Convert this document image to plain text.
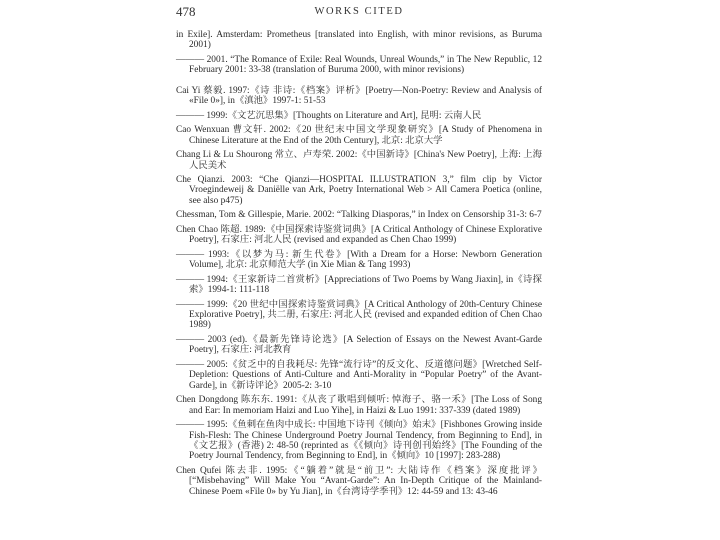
478	WORKS CITED

in Exile]. Amsterdam: Prometheus [translated into English, with minor revisions, as Buruma 2001)

——— 2001. “The Romance of Exile: Real Wounds, Unreal Wounds,” in The New Republic, 12 February 2001: 33-38 (translation of Buruma 2000, with minor revisions)

Cai Yi 蔡毅. 1997:《诗 非诗:《档案》评析》[Poetry—Non-Poetry: Review and Analysis of «File 0»], in《滇池》1997-1: 51-53

——— 1999:《文艺沉思集》[Thoughts on Literature and Art], 昆明: 云南人民

Cao Wenxuan 曹文轩. 2002:《20 世纪末中国文学现象研究》[A Study of Phenomena in Chinese Literature at the End of the 20th Century], 北京: 北京大学

Chang Li & Lu Shourong 常立、卢寿荣. 2002:《中国新诗》[China's New Poetry], 上海: 上海人民美术

Che Qianzi. 2003: “Che Qianzi—HOSPITAL ILLUSTRATION 3,” film clip by Victor Vroegindeweij & Daniëlle van Ark, Poetry International Web > All Camera Poetica (online, see also p475)

Chessman, Tom & Gillespie, Marie. 2002: “Talking Diasporas,” in Index on Censorship 31-3: 6-7

Chen Chao 陈超. 1989:《中国探索诗鉴赏词典》[A Critical Anthology of Chinese Explorative Poetry], 石家庄: 河北人民 (revised and expanded as Chen Chao 1999)

——— 1993:《以梦为马: 新生代卷》[With a Dream for a Horse: Newborn Generation Volume], 北京: 北京师范大学 (in Xie Mian & Tang 1993)

——— 1994:《王家新诗二首赏析》[Appreciations of Two Poems by Wang Jiaxin], in《诗探索》1994-1: 111-118

——— 1999:《20 世纪中国探索诗鉴赏词典》[A Critical Anthology of 20th-Century Chinese Explorative Poetry], 共二册, 石家庄: 河北人民 (revised and expanded edition of Chen Chao 1989)

——— 2003 (ed).《最新先锋诗论选》[A Selection of Essays on the Newest Avant-Garde Poetry], 石家庄: 河北教育

——— 2005:《贫乏中的自我耗尽: 先锋“流行诗”的反文化、反道德问题》[Wretched Self-Depletion: Questions of Anti-Culture and Anti-Morality in “Popular Poetry” of the Avant-Garde], in《新诗评论》2005-2: 3-10

Chen Dongdong 陈东东. 1991:《从丧了歌唱到倾听: 悼海子、骆一禾》[The Loss of Song and Ear: In memoriam Haizi and Luo Yihe], in Haizi & Luo 1991: 337-339 (dated 1989)

——— 1995:《鱼刺在鱼肉中成长: 中国地下诗刊《倾向》始末》[Fishbones Growing inside Fish-Flesh: The Chinese Underground Poetry Journal Tendency, from Beginning to End], in《文艺报》(香港) 2: 48-50 (reprinted as《《倾向》诗刊创刊始终》[The Founding of the Poetry Journal Tendency, from Beginning to End], in《倾向》10 [1997]: 283-288)

Chen Qufei 陈去非. 1995:《“躺着”就是“前卫”: 大陆诗作《档案》深度批评》[“Misbehaving” Will Make You “Avant-Garde”: An In-Depth Critique of the Mainland-Chinese Poem «File 0» by Yu Jian], in《台湾诗学季刊》12: 44-59 and 13: 43-46
